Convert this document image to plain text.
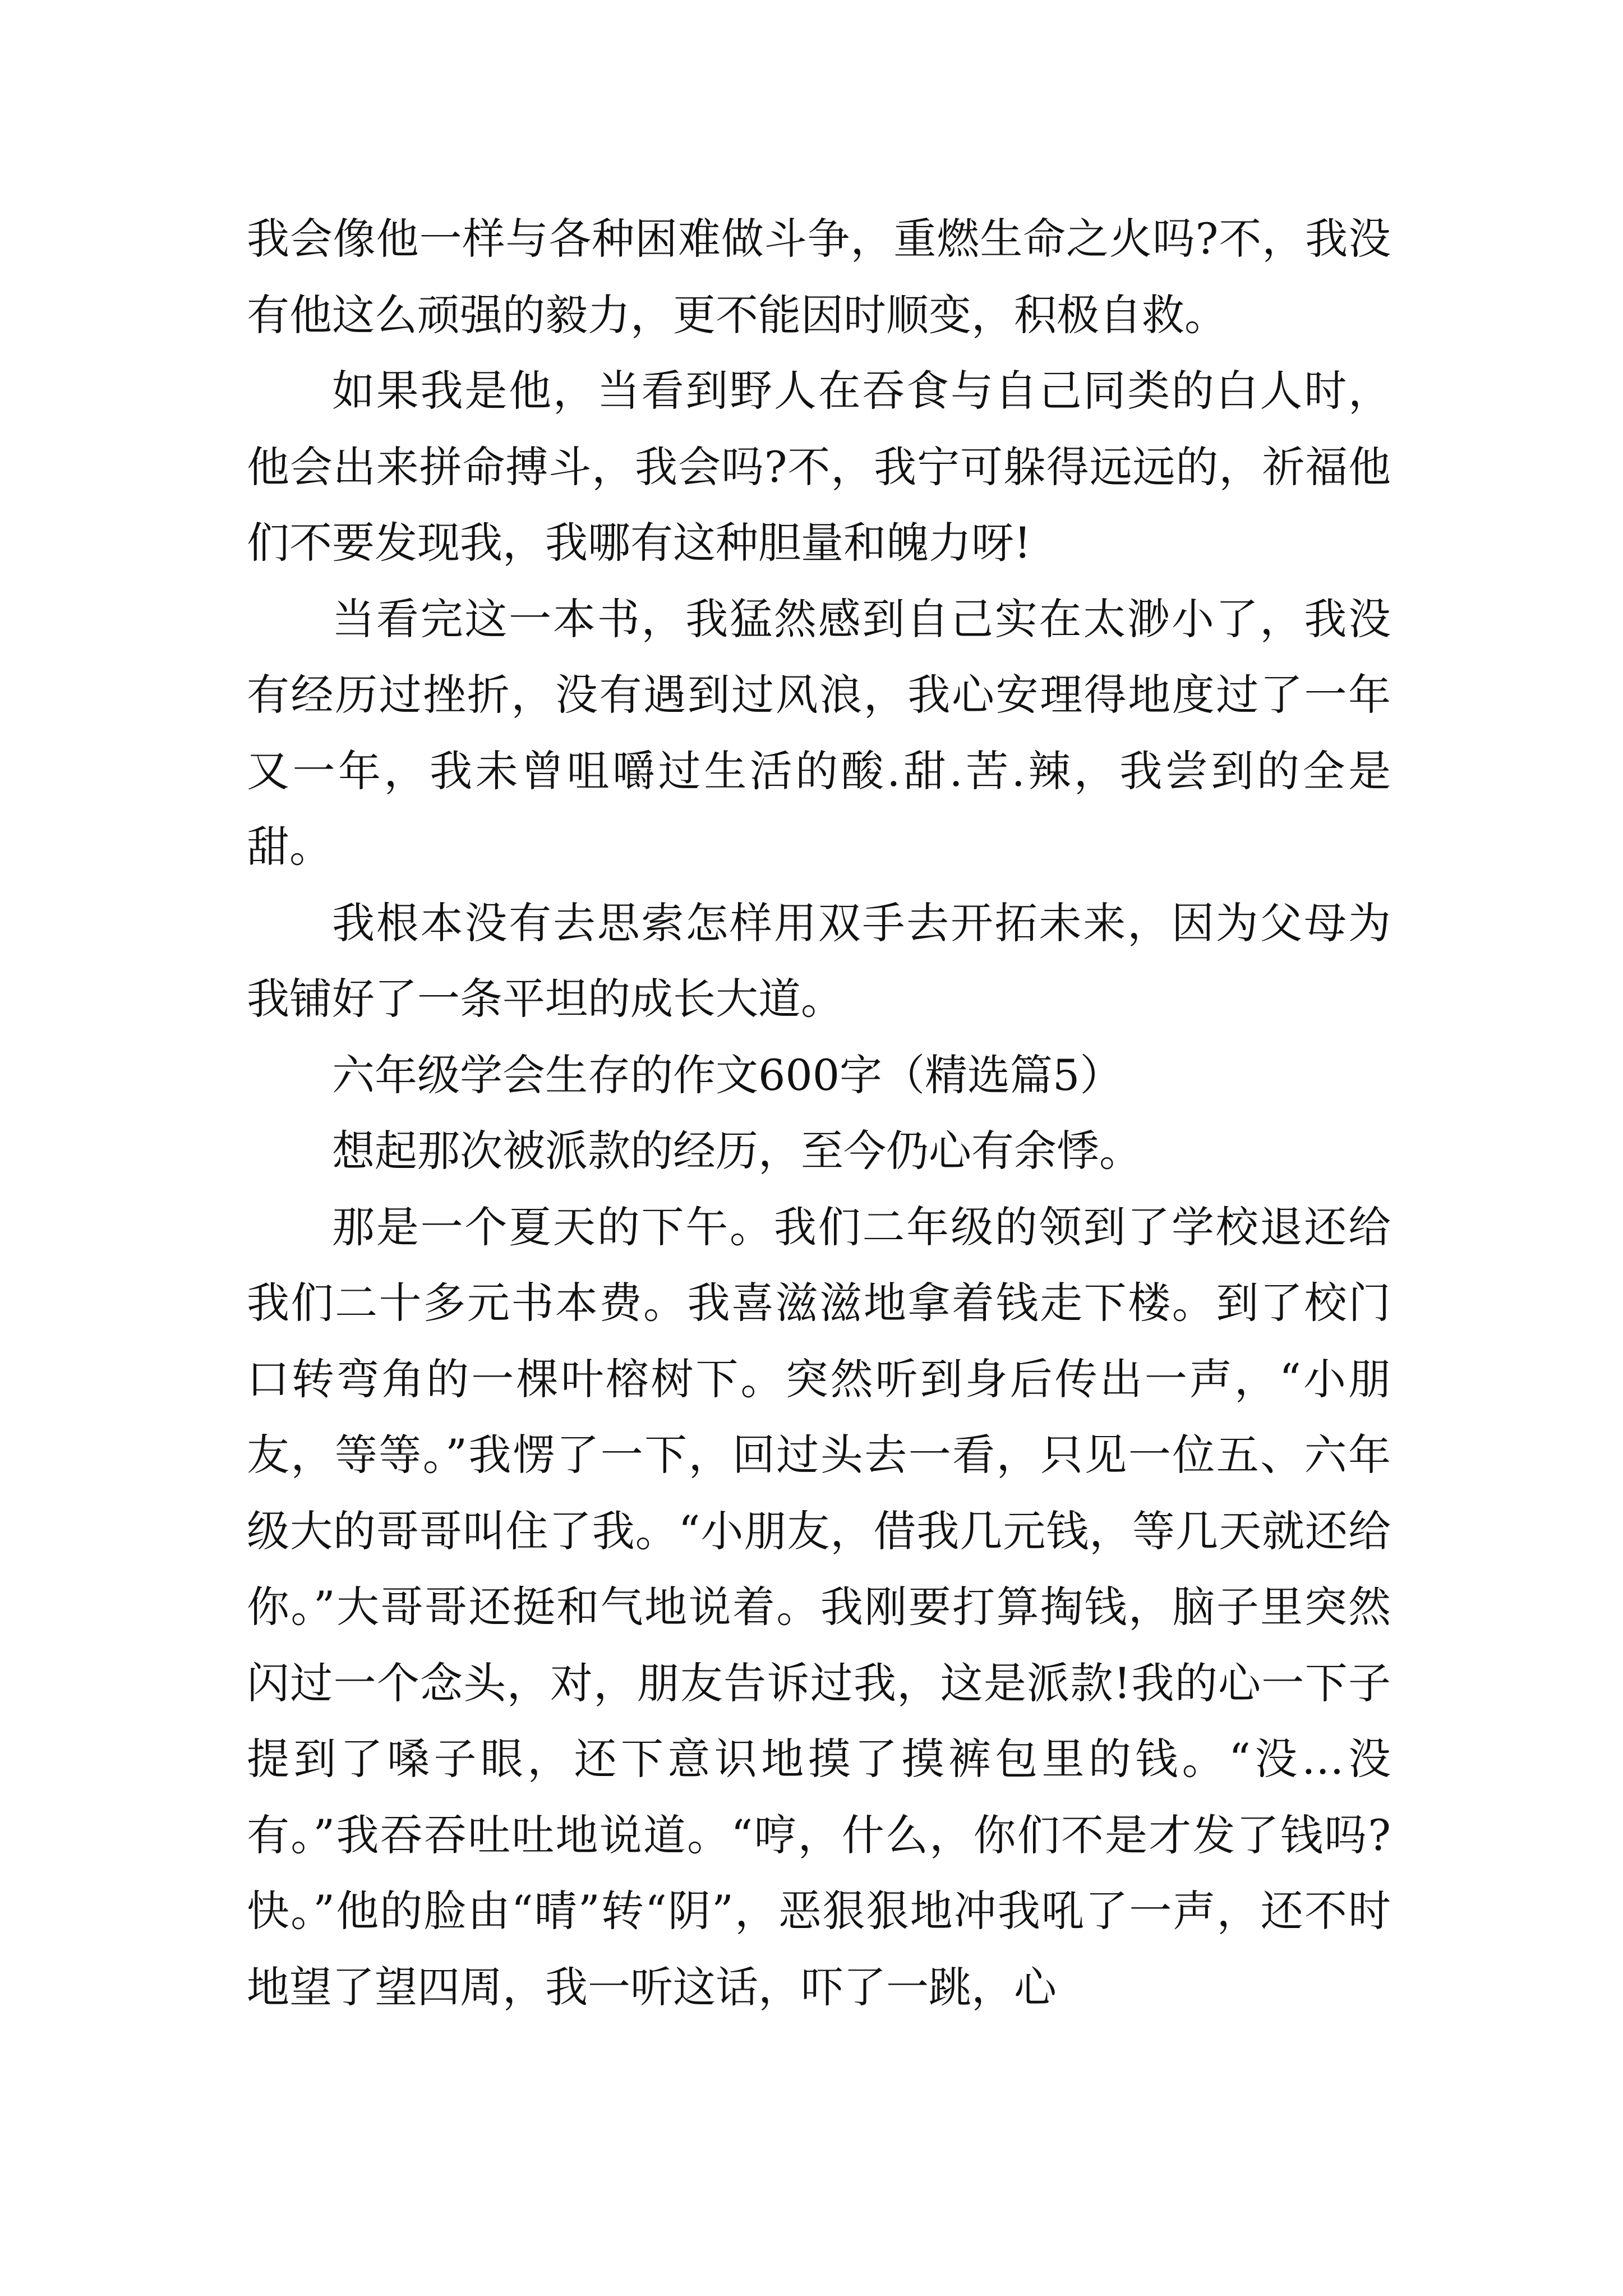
我会像他一样与各种困难做斗争，重燃生命之火吗?不，我没有他这么顽强的毅力，更不能因时顺变，积极自救。

如果我是他，当看到野人在吞食与自己同类的白人时，他会出来拼命搏斗，我会吗?不，我宁可躲得远远的，祈福他们不要发现我，我哪有这种胆量和魄力呀!

当看完这一本书，我猛然感到自己实在太渺小了，我没有经历过挫折，没有遇到过风浪，我心安理得地度过了一年又一年，我未曾咀嚼过生活的酸.甜.苦.辣，我尝到的全是甜。

我根本没有去思索怎样用双手去开拓未来，因为父母为我铺好了一条平坦的成长大道。

六年级学会生存的作文600字（精选篇5）

想起那次被派款的经历，至今仍心有余悸。

那是一个夏天的下午。我们二年级的领到了学校退还给我们二十多元书本费。我喜滋滋地拿着钱走下楼。到了校门口转弯角的一棵叶榕树下。突然听到身后传出一声，“小朋友，等等。”我愣了一下，回过头去一看，只见一位五、六年级大的哥哥叫住了我。“小朋友，借我几元钱，等几天就还给你。”大哥哥还挺和气地说着。我刚要打算掏钱，脑子里突然闪过一个念头，对，朋友告诉过我，这是派款!我的心一下子提到了嗓子眼，还下意识地摸了摸裤包里的钱。“没…没有。”我吞吞吐吐地说道。“哼，什么，你们不是才发了钱吗?快。”他的脸由“晴”转“阴”，恶狠狠地冲我吼了一声，还不时地望了望四周，我一听这话，吓了一跳，心
